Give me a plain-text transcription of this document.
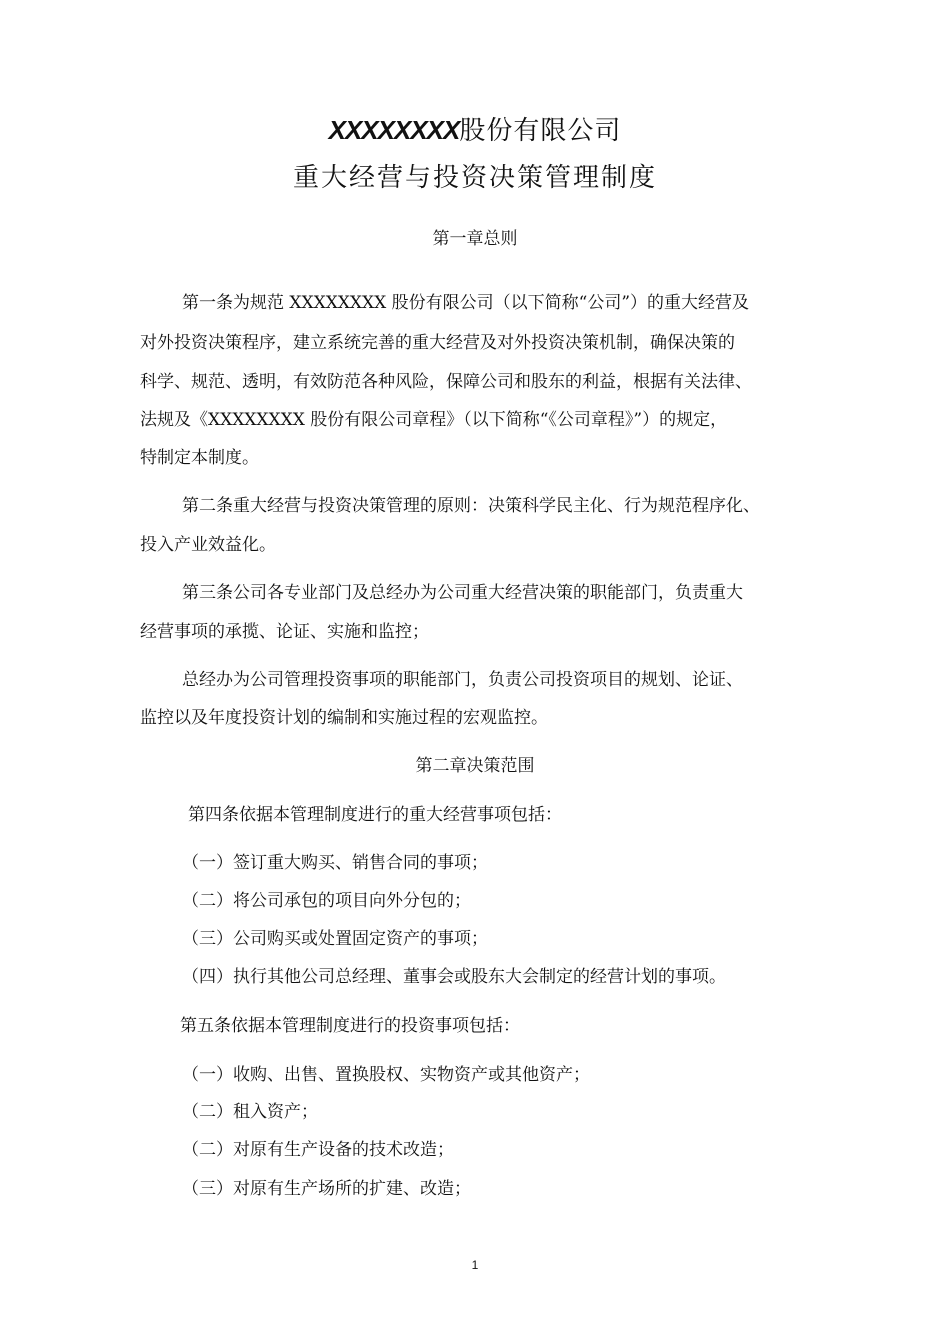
XXXXXXXX股份有限公司
重大经营与投资决策管理制度
第一章总则
第一条为规范 XXXXXXXX 股份有限公司（以下简称“公司”）的重大经营及
对外投资决策程序，建立系统完善的重大经营及对外投资决策机制，确保决策的
科学、规范、透明，有效防范各种风险，保障公司和股东的利益，根据有关法律、
法规及《XXXXXXXX 股份有限公司章程》（以下简称“《公司章程》”）的规定，
特制定本制度。
第二条重大经营与投资决策管理的原则：决策科学民主化、行为规范程序化、
投入产业效益化。
第三条公司各专业部门及总经办为公司重大经营决策的职能部门，负责重大
经营事项的承揽、论证、实施和监控；
总经办为公司管理投资事项的职能部门，负责公司投资项目的规划、论证、
监控以及年度投资计划的编制和实施过程的宏观监控。
第二章决策范围
第四条依据本管理制度进行的重大经营事项包括：
（一）签订重大购买、销售合同的事项；
（二）将公司承包的项目向外分包的；
（三）公司购买或处置固定资产的事项；
（四）执行其他公司总经理、董事会或股东大会制定的经营计划的事项。
第五条依据本管理制度进行的投资事项包括：
（一）收购、出售、置换股权、实物资产或其他资产；
（二）租入资产；
（二）对原有生产设备的技术改造；
（三）对原有生产场所的扩建、改造；
1
